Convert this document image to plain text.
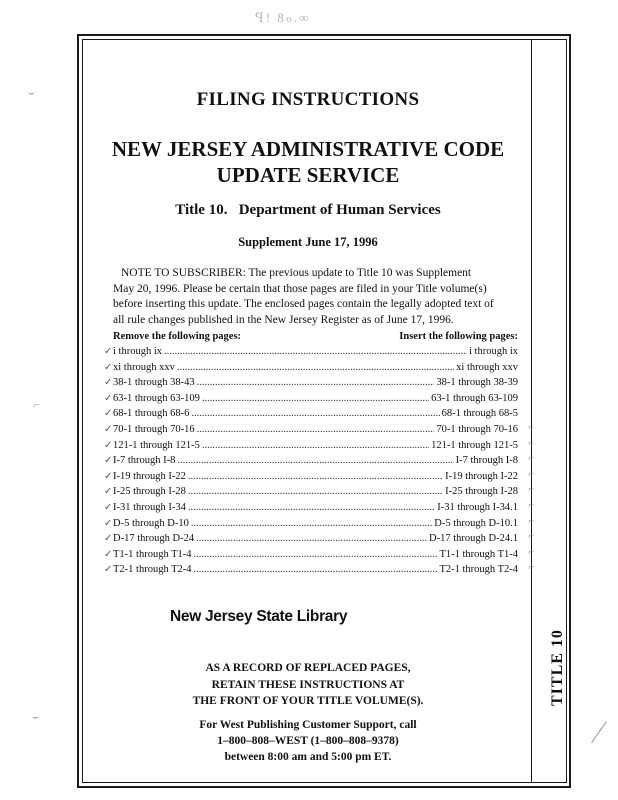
ꟼ! 8ℴ.∞
⌣
⌐
⌣
FILING INSTRUCTIONS
NEW JERSEY ADMINISTRATIVE CODE
UPDATE SERVICE
Title 10.   Department of Human Services
Supplement June 17, 1996
NOTE TO SUBSCRIBER: The previous update to Title 10 was Supplement
May 20, 1996. Please be certain that those pages are filed in your Title volume(s)
before inserting this update. The enclosed pages contain the legally adopted text of
all rule changes published in the New Jersey Register as of June 17, 1996.
Remove the following pages:	Insert the following pages:
✓ i through ix .....	i through ix
✓ xi through xxv .....	xi through xxv
✓ 38-1 through 38-43 .....	38-1 through 38-39
✓ 63-1 through 63-109 .....	63-1 through 63-109
✓ 68-1 through 68-6 .....	68-1 through 68-5
✓ 70-1 through 70-16 .....	70-1 through 70-16 ⌐
✓ 121-1 through 121-5 .....	121-1 through 121-5 ⌐
✓ I-7 through I-8 .....	I-7 through I-8 ⌐
✓ I-19 through I-22 .....	I-19 through I-22 ⌐
✓ I-25 through I-28 .....	I-25 through I-28 ⌐
✓ I-31 through I-34 .....	I-31 through I-34.1 ⌐
✓ D-5 through D-10 .....	D-5 through D-10.1 ⌐
✓ D-17 through D-24 .....	D-17 through D-24.1 ⌐
✓ T1-1 through T1-4 .....	T1-1 through T1-4 ⌐
✓ T2-1 through T2-4 .....	T2-1 through T2-4 ⌐
New Jersey State Library
AS A RECORD OF REPLACED PAGES,
RETAIN THESE INSTRUCTIONS AT
THE FRONT OF YOUR TITLE VOLUME(S).
For West Publishing Customer Support, call
1–800–808–WEST (1–800–808–9378)
between 8:00 am and 5:00 pm ET.
TITLE 10
